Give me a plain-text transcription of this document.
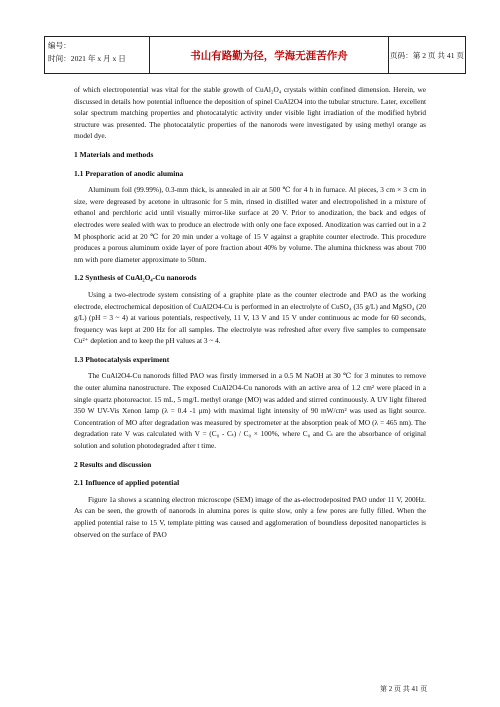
编号：
时间：2021 年 x 月 x 日	书山有路勤为径，学海无涯苦作舟	页码：第 2 页 共 41 页

of which electropotential was vital for the stable growth of CuAl₂O₄ crystals within confined dimension. Herein, we discussed in details how potential influence the deposition of spinel CuAl2O4 into the tubular structure. Later, excellent solar spectrum matching properties and photocatalytic activity under visible light irradiation of the modified hybrid structure was presented. The photocatalytic properties of the nanorods were investigated by using methyl orange as model dye.

1 Materials and methods
1.1 Preparation of anodic alumina

Aluminum foil (99.99%), 0.3-mm thick, is annealed in air at 500 ℃ for 4 h in furnace. Al pieces, 3 cm × 3 cm in size, were degreased by acetone in ultrasonic for 5 min, rinsed in distilled water and electropolished in a mixture of ethanol and perchloric acid until visually mirror-like surface at 20 V. Prior to anodization, the back and edges of electrodes were sealed with wax to produce an electrode with only one face exposed. Anodization was carried out in a 2 M phosphoric acid at 20 ℃ for 20 min under a voltage of 15 V against a graphite counter electrode. This procedure produces a porous aluminum oxide layer of pore fraction about 40% by volume. The alumina thickness was about 700 nm with pore diameter approximate to 50nm.

1.2 Synthesis of CuAl₂O₄-Cu nanorods

Using a two-electrode system consisting of a graphite plate as the counter electrode and PAO as the working electrode, electrochemical deposition of CuAl2O4-Cu is performed in an electrolyte of CuSO₄ (35 g/L) and MgSO₄ (20 g/L) (pH = 3 ~ 4) at various potentials, respectively, 11 V, 13 V and 15 V under continuous ac mode for 60 seconds, frequency was kept at 200 Hz for all samples. The electrolyte was refreshed after every five samples to compensate Cu²⁺ depletion and to keep the pH values at 3 ~ 4.

1.3 Photocatalysis experiment

The CuAl2O4-Cu nanorods filled PAO was firstly immersed in a 0.5 M NaOH at 30 ℃ for 3 minutes to remove the outer alumina nanostructure. The exposed CuAl2O4-Cu nanorods with an active area of 1.2 cm² were placed in a single quartz photoreactor. 15 mL, 5 mg/L methyl orange (MO) was added and stirred continuously. A UV light filtered 350 W UV-Vis Xenon lamp (λ = 0.4 -1 μm) with maximal light intensity of 90 mW/cm² was used as light source. Concentration of MO after degradation was measured by spectrometer at the absorption peak of MO (λ = 465 nm). The degradation rate V was calculated with V = (C₀ - Cₜ) / C₀ × 100%, where C₀ and Cₜ are the absorbance of original solution and solution photodegraded after t time.

2 Results and discussion
2.1 Influence of applied potential

Figure 1a shows a scanning electron microscope (SEM) image of the as-electrodeposited PAO under 11 V, 200Hz. As can be seen, the growth of nanorods in alumina pores is quite slow, only a few pores are fully filled. When the applied potential raise to 15 V, template pitting was caused and agglomeration of boundless deposited nanoparticles is observed on the surface of PAO

第 2 页 共 41 页
